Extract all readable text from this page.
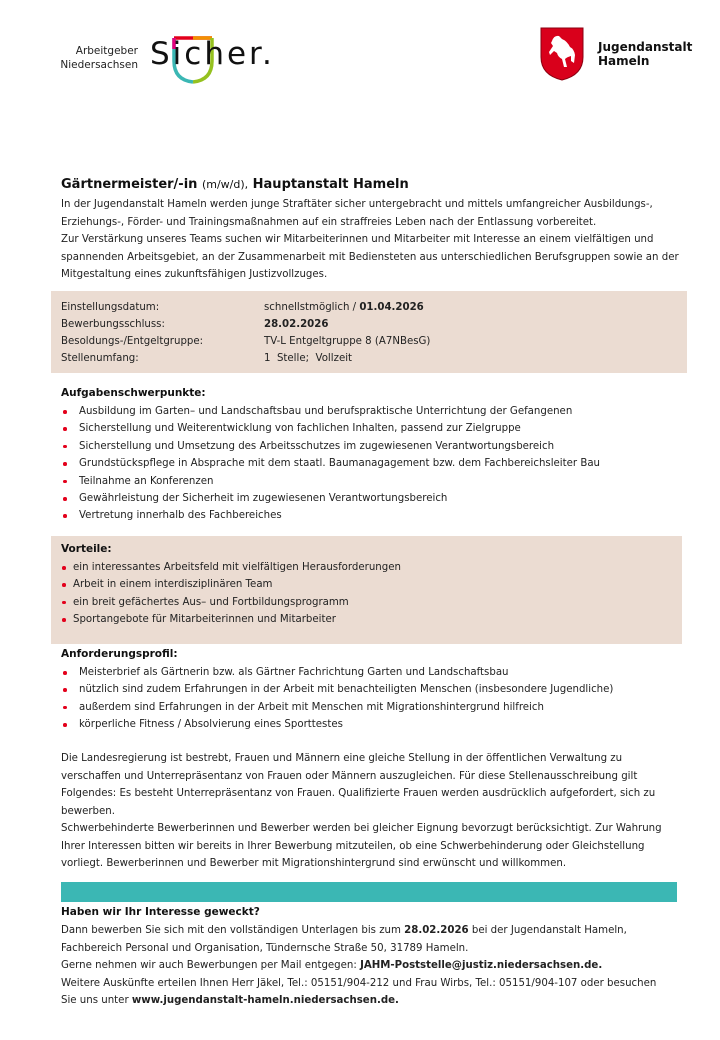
Arbeitgeber
Niedersachsen Sicher.	Jugendanstalt
Hameln
Gärtnermeister/-in (m/w/d), Hauptanstalt Hameln
In der Jugendanstalt Hameln werden junge Straftäter sicher untergebracht und mittels umfangreicher Ausbildungs-,
Erziehungs-, Förder- und Trainingsmaßnahmen auf ein straffreies Leben nach der Entlassung vorbereitet.
Zur Verstärkung unseres Teams suchen wir Mitarbeiterinnen und Mitarbeiter mit Interesse an einem vielfältigen und
spannenden Arbeitsgebiet, an der Zusammenarbeit mit Bediensteten aus unterschiedlichen Berufsgruppen sowie an der
Mitgestaltung eines zukunftsfähigen Justizvollzuges.
Einstellungsdatum:	schnellstmöglich / 01.04.2026
Bewerbungsschluss:	28.02.2026
Besoldungs-/Entgeltgruppe:	TV-L Entgeltgruppe 8 (A7NBesG)
Stellenumfang:	1  Stelle;  Vollzeit
Aufgabenschwerpunkte:
Ausbildung im Garten– und Landschaftsbau und berufspraktische Unterrichtung der Gefangenen
Sicherstellung und Weiterentwicklung von fachlichen Inhalten, passend zur Zielgruppe
Sicherstellung und Umsetzung des Arbeitsschutzes im zugewiesenen Verantwortungsbereich
Grundstückspflege in Absprache mit dem staatl. Baumanagagement bzw. dem Fachbereichsleiter Bau
Teilnahme an Konferenzen
Gewährleistung der Sicherheit im zugewiesenen Verantwortungsbereich
Vertretung innerhalb des Fachbereiches
Vorteile:
ein interessantes Arbeitsfeld mit vielfältigen Herausforderungen
Arbeit in einem interdisziplinären Team
ein breit gefächertes Aus– und Fortbildungsprogramm
Sportangebote für Mitarbeiterinnen und Mitarbeiter
Anforderungsprofil:
Meisterbrief als Gärtnerin bzw. als Gärtner Fachrichtung Garten und Landschaftsbau
nützlich sind zudem Erfahrungen in der Arbeit mit benachteiligten Menschen (insbesondere Jugendliche)
außerdem sind Erfahrungen in der Arbeit mit Menschen mit Migrationshintergrund hilfreich
körperliche Fitness / Absolvierung eines Sporttestes
Die Landesregierung ist bestrebt, Frauen und Männern eine gleiche Stellung in der öffentlichen Verwaltung zu
verschaffen und Unterrepräsentanz von Frauen oder Männern auszugleichen. Für diese Stellenausschreibung gilt
Folgendes: Es besteht Unterrepräsentanz von Frauen. Qualifizierte Frauen werden ausdrücklich aufgefordert, sich zu
bewerben.
Schwerbehinderte Bewerberinnen und Bewerber werden bei gleicher Eignung bevorzugt berücksichtigt. Zur Wahrung
Ihrer Interessen bitten wir bereits in Ihrer Bewerbung mitzuteilen, ob eine Schwerbehinderung oder Gleichstellung
vorliegt. Bewerberinnen und Bewerber mit Migrationshintergrund sind erwünscht und willkommen.
Haben wir Ihr Interesse geweckt?
Dann bewerben Sie sich mit den vollständigen Unterlagen bis zum 28.02.2026 bei der Jugendanstalt Hameln,
Fachbereich Personal und Organisation, Tündernsche Straße 50, 31789 Hameln.
Gerne nehmen wir auch Bewerbungen per Mail entgegen: JAHM-Poststelle@justiz.niedersachsen.de.
Weitere Auskünfte erteilen Ihnen Herr Jäkel, Tel.: 05151/904-212 und Frau Wirbs, Tel.: 05151/904-107 oder besuchen
Sie uns unter www.jugendanstalt-hameln.niedersachsen.de.
